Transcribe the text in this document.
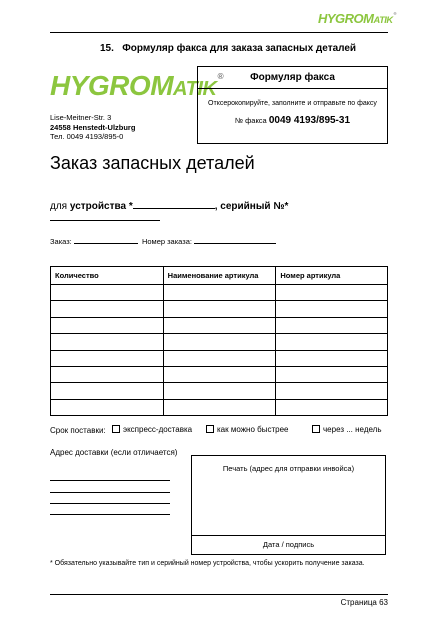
HYGROMATIK®
15. Формуляр факса для заказа запасных деталей
HYGROMATIK®	Формуляр факса
Отксерокопируйте, заполните и отправьте по факсу
№ факса 0049 4193/895-31
Lise-Meitner-Str. 3
24558 Henstedt-Ulzburg
Тел. 0049 4193/895-0
Заказ запасных деталей
для устройства *	, серийный №*
Заказ:	Номер заказа:
Количество	Наименование артикула	Номер артикула

Срок поставки:	экспресс-доставка	как можно быстрее	через ... недель
Адрес доставки (если отличается)
Печать (адрес для отправки инвойса)
Дата / подпись
* Обязательно указывайте тип и серийный номер устройства, чтобы ускорить получение заказа.
Страница 63
